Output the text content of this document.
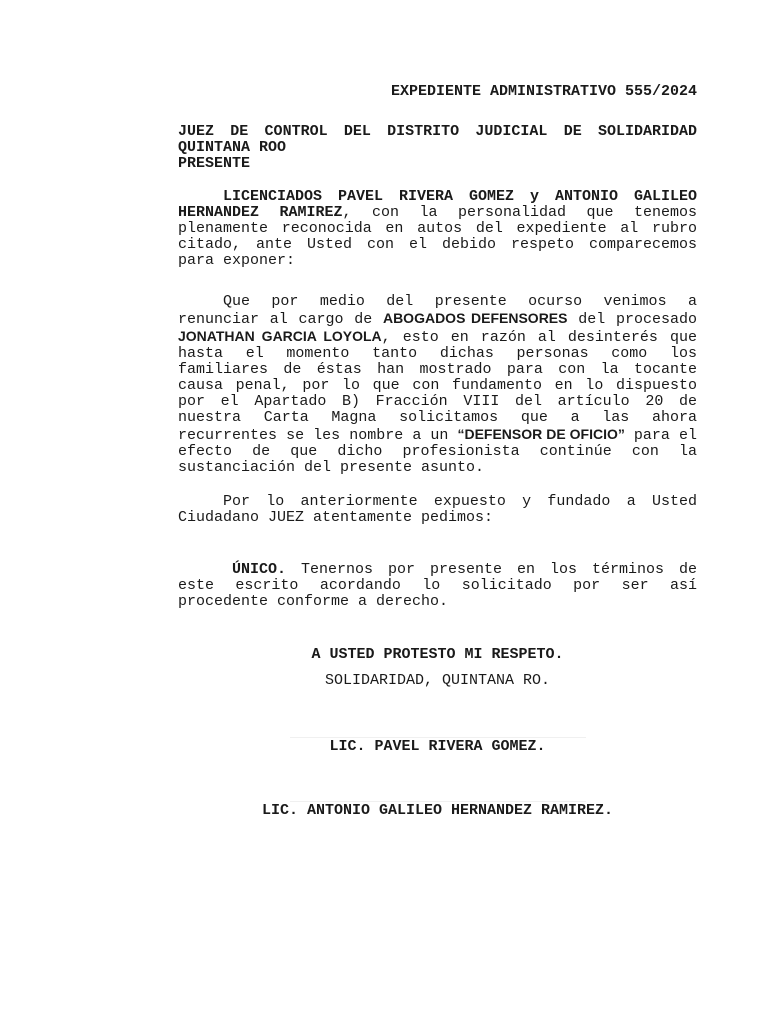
EXPEDIENTE ADMINISTRATIVO 555/2024

JUEZ DE CONTROL DEL DISTRITO JUDICIAL DE SOLIDARIDAD

QUINTANA ROO

PRESENTE

LICENCIADOS PAVEL RIVERA GOMEZ y ANTONIO GALILEO HERNANDEZ RAMIREZ, con la personalidad que tenemos plenamente reconocida en autos del expediente al rubro citado, ante Usted con el debido respeto comparecemos para exponer:

Que por medio del presente ocurso venimos a renunciar al cargo de ABOGADOS DEFENSORES del procesado JONATHAN GARCIA LOYOLA, esto en razón al desinterés que hasta el momento tanto dichas personas como los familiares de éstas han mostrado para con la tocante causa penal, por lo que con fundamento en lo dispuesto por el Apartado B) Fracción VIII del artículo 20 de nuestra Carta Magna solicitamos que a las ahora recurrentes se les nombre a un “DEFENSOR DE OFICIO” para el efecto de que dicho profesionista continúe con la sustanciación del presente asunto.

Por lo anteriormente expuesto y fundado a Usted Ciudadano JUEZ atentamente pedimos:

ÚNICO. Tenernos por presente en los términos de este escrito acordando lo solicitado por ser así procedente conforme a derecho.

A USTED PROTESTO MI RESPETO.

SOLIDARIDAD, QUINTANA RO.

LIC. PAVEL RIVERA GOMEZ.

LIC. ANTONIO GALILEO HERNANDEZ RAMIREZ.
